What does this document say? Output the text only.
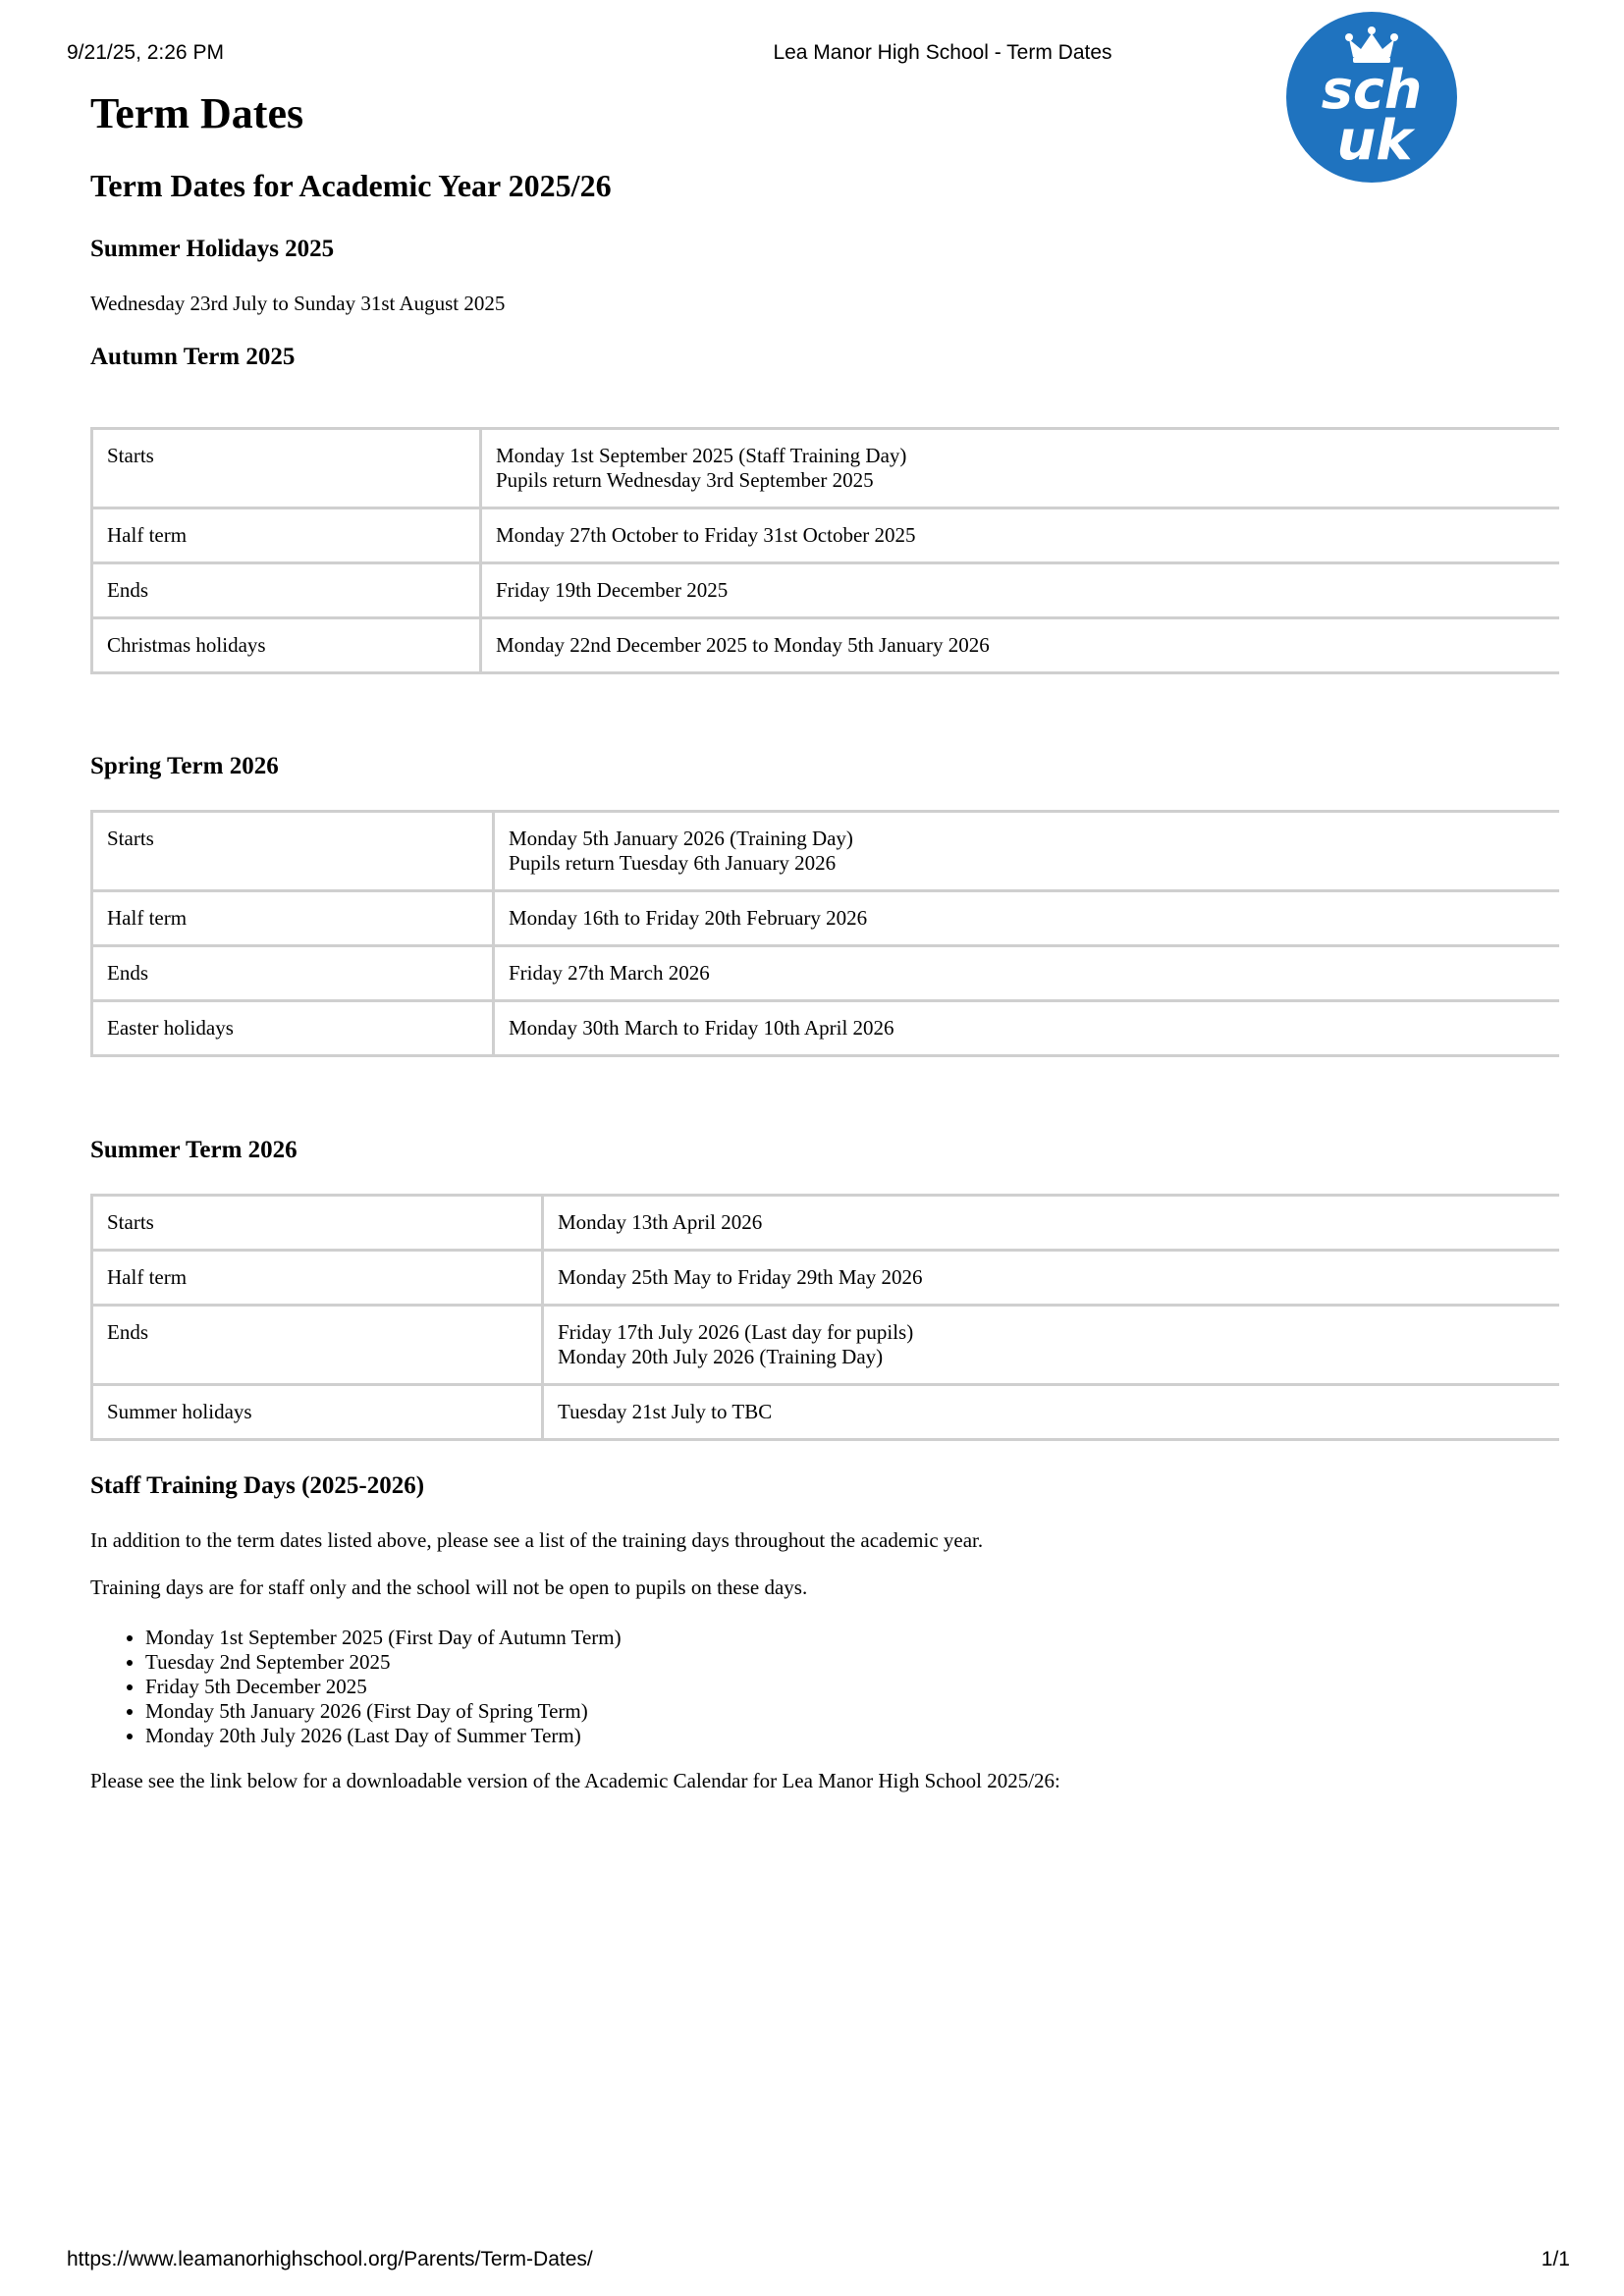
9/21/25, 2:26 PM	Lea Manor High School - Term Dates
sch
uk
Term Dates
Term Dates for Academic Year 2025/26
Summer Holidays 2025

Wednesday 23rd July to Sunday 31st August 2025

Autumn Term 2025
Starts	Monday 1st September 2025 (Staff Training Day)
Pupils return Wednesday 3rd September 2025

Half term	Monday 27th October to Friday 31st October 2025
Ends	Friday 19th December 2025
Christmas holidays	Monday 22nd December 2025 to Monday 5th January 2026
Spring Term 2026
Starts	Monday 5th January 2026 (Training Day)
Pupils return Tuesday 6th January 2026

Half term	Monday 16th to Friday 20th February 2026
Ends	Friday 27th March 2026
Easter holidays	Monday 30th March to Friday 10th April 2026
Summer Term 2026
Starts	Monday 13th April 2026
Half term	Monday 25th May to Friday 29th May 2026
Ends	Friday 17th July 2026 (Last day for pupils)
Monday 20th July 2026 (Training Day)

Summer holidays	Tuesday 21st July to TBC
Staff Training Days (2025-2026)

In addition to the term dates listed above, please see a list of the training days throughout the academic year.

Training days are for staff only and the school will not be open to pupils on these days.

• Monday 1st September 2025 (First Day of Autumn Term)
• Tuesday 2nd September 2025
• Friday 5th December 2025
• Monday 5th January 2026 (First Day of Spring Term)
• Monday 20th July 2026 (Last Day of Summer Term)

Please see the link below for a downloadable version of the Academic Calendar for Lea Manor High School 2025/26:

https://www.leamanorhighschool.org/Parents/Term-Dates/	1/1
